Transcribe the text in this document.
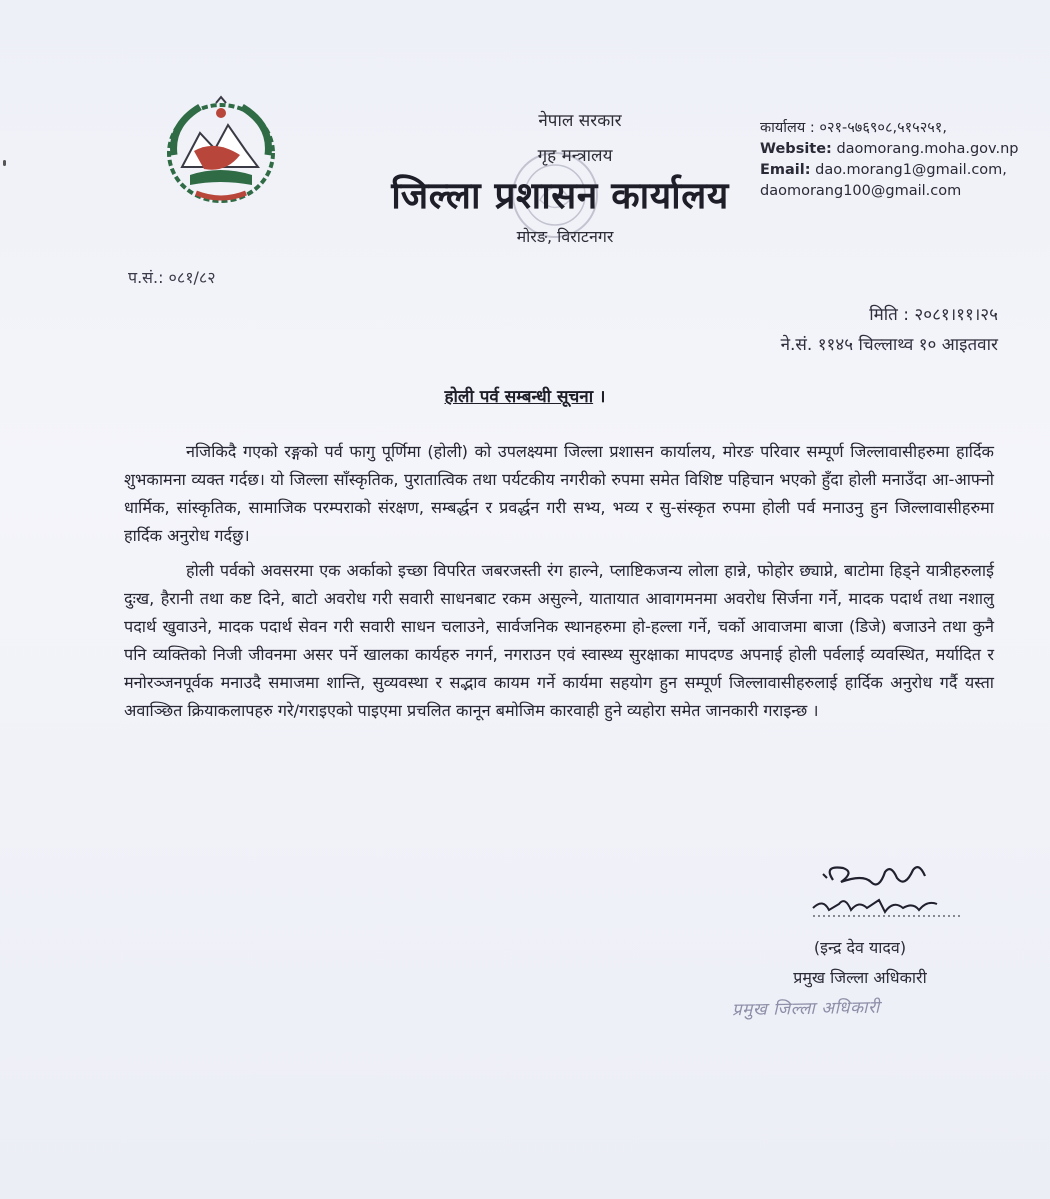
नेपाल सरकार
गृह मन्त्रालय
जिल्ला प्रशासन कार्यालय
मोरङ, विराटनगर
कार्यालय : ०२१-५७६९०८,५१५२५१,
Website: daomorang.moha.gov.np
Email: dao.morang1@gmail.com,
daomorang100@gmail.com
प.सं.: ०८१/८२
मिति : २०८१।११।२५
ने.सं. ११४५ चिल्लाथ्व १० आइतवार
होली पर्व सम्बन्धी सूचना ।

नजिकिदै गएको रङ्गको पर्व फागु पूर्णिमा (होली) को उपलक्ष्यमा जिल्ला प्रशासन कार्यालय, मोरङ परिवार सम्पूर्ण जिल्लावासीहरुमा हार्दिक शुभकामना व्यक्त गर्दछ। यो जिल्ला साँस्कृतिक, पुरातात्विक तथा पर्यटकीय नगरीको रुपमा समेत विशिष्ट पहिचान भएको हुँदा होली मनाउँदा आ-आफ्नो धार्मिक, सांस्कृतिक, सामाजिक परम्पराको संरक्षण, सम्बर्द्धन र प्रवर्द्धन गरी सभ्य, भव्य र सु-संस्कृत रुपमा होली पर्व मनाउनु हुन जिल्लावासीहरुमा हार्दिक अनुरोध गर्दछु।

होली पर्वको अवसरमा एक अर्काको इच्छा विपरित जबरजस्ती रंग हाल्ने, प्लाष्टिकजन्य लोला हान्ने, फोहोर छ्याप्ने, बाटोमा हिड्ने यात्रीहरुलाई दुःख, हैरानी तथा कष्ट दिने, बाटो अवरोध गरी सवारी साधनबाट रकम असुल्ने, यातायात आवागमनमा अवरोध सिर्जना गर्ने, मादक पदार्थ तथा नशालु पदार्थ खुवाउने, मादक पदार्थ सेवन गरी सवारी साधन चलाउने, सार्वजनिक स्थानहरुमा हो-हल्ला गर्ने, चर्को आवाजमा बाजा (डिजे) बजाउने तथा कुनै पनि व्यक्तिको निजी जीवनमा असर पर्ने खालका कार्यहरु नगर्न, नगराउन एवं स्वास्थ्य सुरक्षाका मापदण्ड अपनाई होली पर्वलाई व्यवस्थित, मर्यादित र मनोरञ्जनपूर्वक मनाउदै समाजमा शान्ति, सुव्यवस्था र सद्भाव कायम गर्ने कार्यमा सहयोग हुन सम्पूर्ण जिल्लावासीहरुलाई हार्दिक अनुरोध गर्दै यस्ता अवाञ्छित क्रियाकलापहरु गरे/गराइएको पाइएमा प्रचलित कानून बमोजिम कारवाही हुने व्यहोरा समेत जानकारी गराइन्छ ।

(इन्द्र देव यादव)
प्रमुख जिल्ला अधिकारी
प्रमुख जिल्ला अधिकारी
